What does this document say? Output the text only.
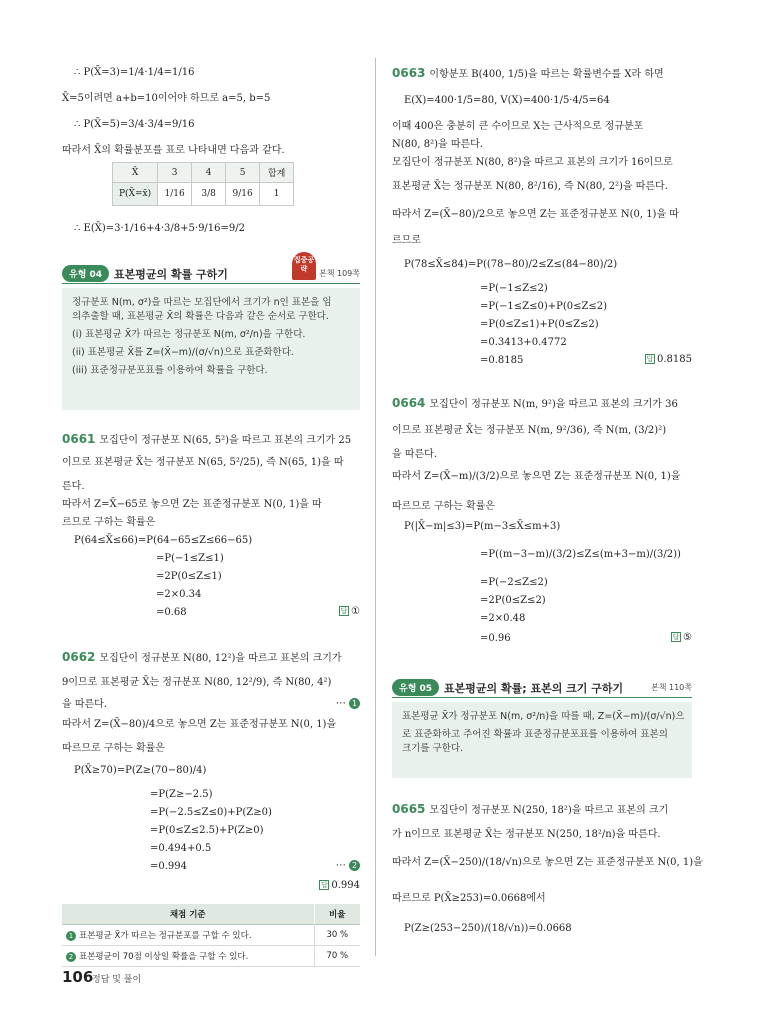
∴ P(X̄=3)=1/4·1/4=1/16
X̄=5이려면 a+b=10이어야 하므로 a=5, b=5
∴ P(X̄=5)=3/4·3/4=9/16
따라서 X̄의 확률분포를 표로 나타내면 다음과 같다.
X̄	3	4	5	합계
P(X̄=x̄)	1/16	3/8	9/16	1
∴ E(X̄)=3·1/16+4·3/8+5·9/16=9/2
유형 04	표본평균의 확률 구하기
집중공략	본책 109쪽
정규분포 N(m, σ²)을 따르는 모집단에서 크기가 n인 표본을 임
의추출할 때, 표본평균 X̄의 확률은 다음과 같은 순서로 구한다.
(i) 표본평균 X̄가 따르는 정규분포 N(m, σ²/n)을 구한다.
(ii) 표본평균 X̄를 Z=(X̄−m)/(σ/√n)으로 표준화한다.
(iii) 표준정규분포표를 이용하여 확률을 구한다.
0661 모집단이 정규분포 N(65, 5²)을 따르고 표본의 크기가 25
이므로 표본평균 X̄는 정규분포 N(65, 5²/25), 즉 N(65, 1)을 따
른다.
따라서 Z=X̄−65로 놓으면 Z는 표준정규분포 N(0, 1)을 따
르므로 구하는 확률은
P(64≤X̄≤66)=P(64−65≤Z≤66−65)
=P(−1≤Z≤1)
=2P(0≤Z≤1)
=2×0.34
=0.68	답 ①
0662 모집단이 정규분포 N(80, 12²)을 따르고 표본의 크기가
9이므로 표본평균 X̄는 정규분포 N(80, 12²/9), 즉 N(80, 4²)
을 따른다.	⋯ 1
따라서 Z=(X̄−80)/4으로 놓으면 Z는 표준정규분포 N(0, 1)을
따르므로 구하는 확률은
P(X̄≥70)=P(Z≥(70−80)/4)
=P(Z≥−2.5)
=P(−2.5≤Z≤0)+P(Z≥0)
=P(0≤Z≤2.5)+P(Z≥0)
=0.494+0.5
=0.994	⋯ 2
답 0.994
채점 기준	비율
1 표본평균 X̄가 따르는 정규분포를 구할 수 있다.	30 %
2 표본평균이 70점 이상일 확률을 구할 수 있다.	70 %
0663 이항분포 B(400, 1/5)을 따르는 확률변수를 X라 하면
E(X)=400·1/5=80, V(X)=400·1/5·4/5=64
이때 400은 충분히 큰 수이므로 X는 근사적으로 정규분포
N(80, 8²)을 따른다.
모집단이 정규분포 N(80, 8²)을 따르고 표본의 크기가 16이므로
표본평균 X̄는 정규분포 N(80, 8²/16), 즉 N(80, 2²)을 따른다.
따라서 Z=(X̄−80)/2으로 놓으면 Z는 표준정규분포 N(0, 1)을 따
르므로
P(78≤X̄≤84)=P((78−80)/2≤Z≤(84−80)/2)
=P(−1≤Z≤2)
=P(−1≤Z≤0)+P(0≤Z≤2)
=P(0≤Z≤1)+P(0≤Z≤2)
=0.3413+0.4772
=0.8185	답 0.8185
0664 모집단이 정규분포 N(m, 9²)을 따르고 표본의 크기가 36
이므로 표본평균 X̄는 정규분포 N(m, 9²/36), 즉 N(m, (3/2)²)
을 따른다.
따라서 Z=(X̄−m)/(3/2)으로 놓으면 Z는 표준정규분포 N(0, 1)을
따르므로 구하는 확률은
P(|X̄−m|≤3)=P(m−3≤X̄≤m+3)
=P((m−3−m)/(3/2)≤Z≤(m+3−m)/(3/2))
=P(−2≤Z≤2)
=2P(0≤Z≤2)
=2×0.48
=0.96	답 ⑤
유형 05	표본평균의 확률; 표본의 크기 구하기	본책 110쪽
표본평균 X̄가 정규분포 N(m, σ²/n)을 따를 때, Z=(X̄−m)/(σ/√n)으
로 표준화하고 주어진 확률과 표준정규분포표를 이용하여 표본의
크기를 구한다.
0665 모집단이 정규분포 N(250, 18²)을 따르고 표본의 크기
가 n이므로 표본평균 X̄는 정규분포 N(250, 18²/n)을 따른다.
따라서 Z=(X̄−250)/(18/√n)으로 놓으면 Z는 표준정규분포 N(0, 1)을
따르므로 P(X̄≥253)=0.0668에서
P(Z≥(253−250)/(18/√n))=0.0668
106
정답 및 풀이
